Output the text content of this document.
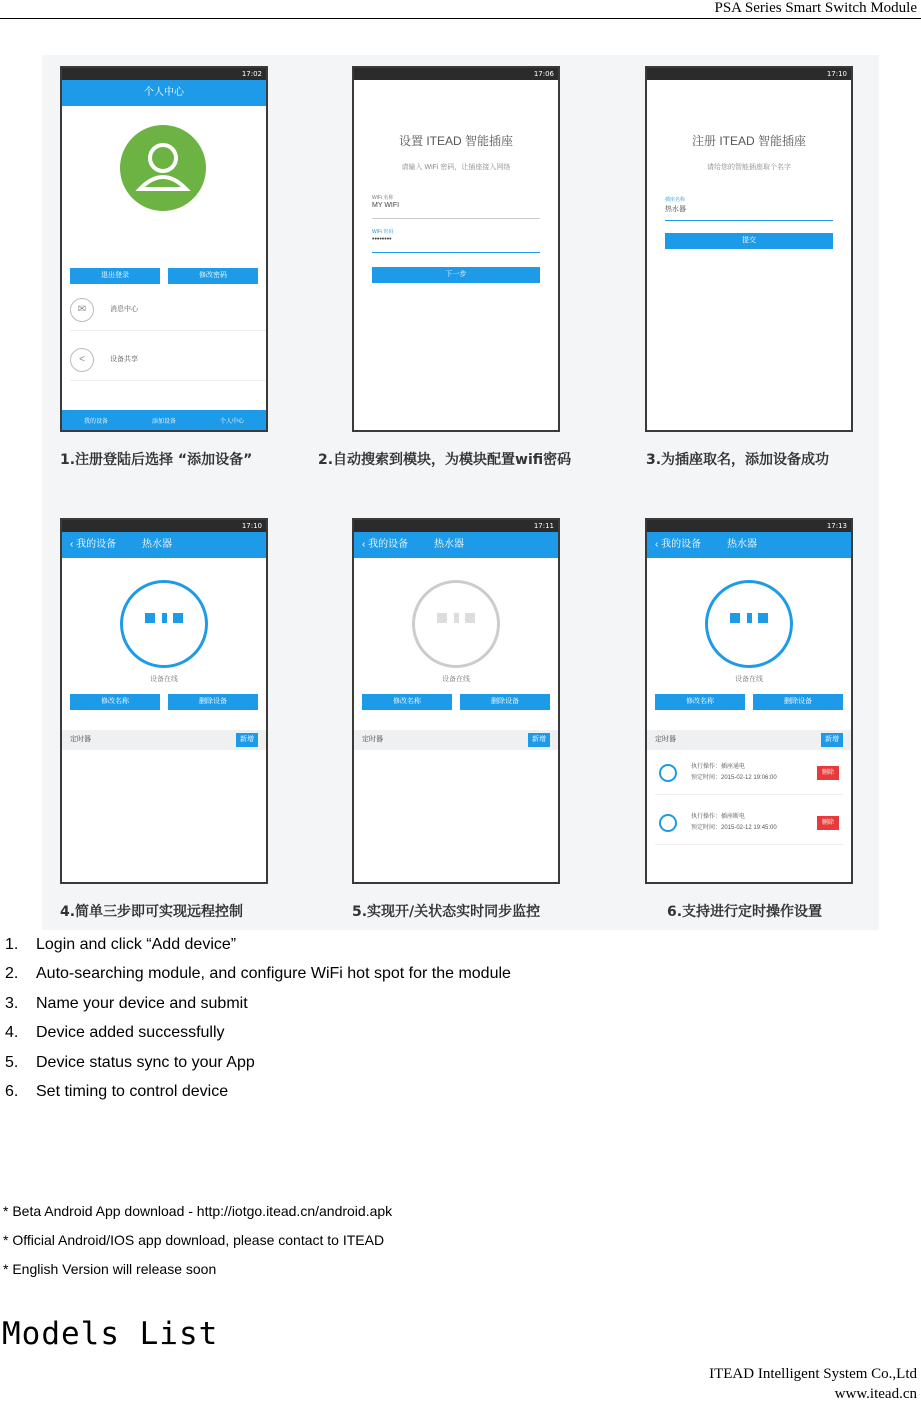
PSA Series Smart Switch Module
17:02
个人中心
退出登录	修改密码
✉	消息中心
<	设备共享
我的设备	添加设备	个人中心
17:06
设置 ITEAD 智能插座
请输入 WiFi 密码，让插座接入网络
WiFi 名称
MY WIFI
WiFi 密码
••••••••
下一步
17:10
注册 ITEAD 智能插座
请给您的智能插座取个名字
插座名称
热水器
提交
17:10
‹ 我的设备	热水器
设备在线
修改名称	删除设备
定时器	新增
17:11
‹ 我的设备	热水器
设备在线
修改名称	删除设备
定时器	新增
17:13
‹ 我的设备	热水器
设备在线
修改名称	删除设备
定时器	新增
执行操作：插座通电
预定时间：2015-02-12 19:06:00
删除
执行操作：插座断电
预定时间：2015-02-12 19:45:00
删除
1.注册登陆后选择 “添加设备”	2.自动搜索到模块，为模块配置wifi密码	3.为插座取名，添加设备成功
4.简单三步即可实现远程控制	5.实现开/关状态实时同步监控	6.支持进行定时操作设置
1. Login and click “Add device”
2. Auto-searching module, and configure WiFi hot spot for the module
3. Name your device and submit
4. Device added successfully
5. Device status sync to your App
6. Set timing to control device
* Beta Android App download - http://iotgo.itead.cn/android.apk
* Official Android/IOS app download, please contact to ITEAD
* English Version will release soon
Models List
ITEAD Intelligent System Co.,Ltd
www.itead.cn
